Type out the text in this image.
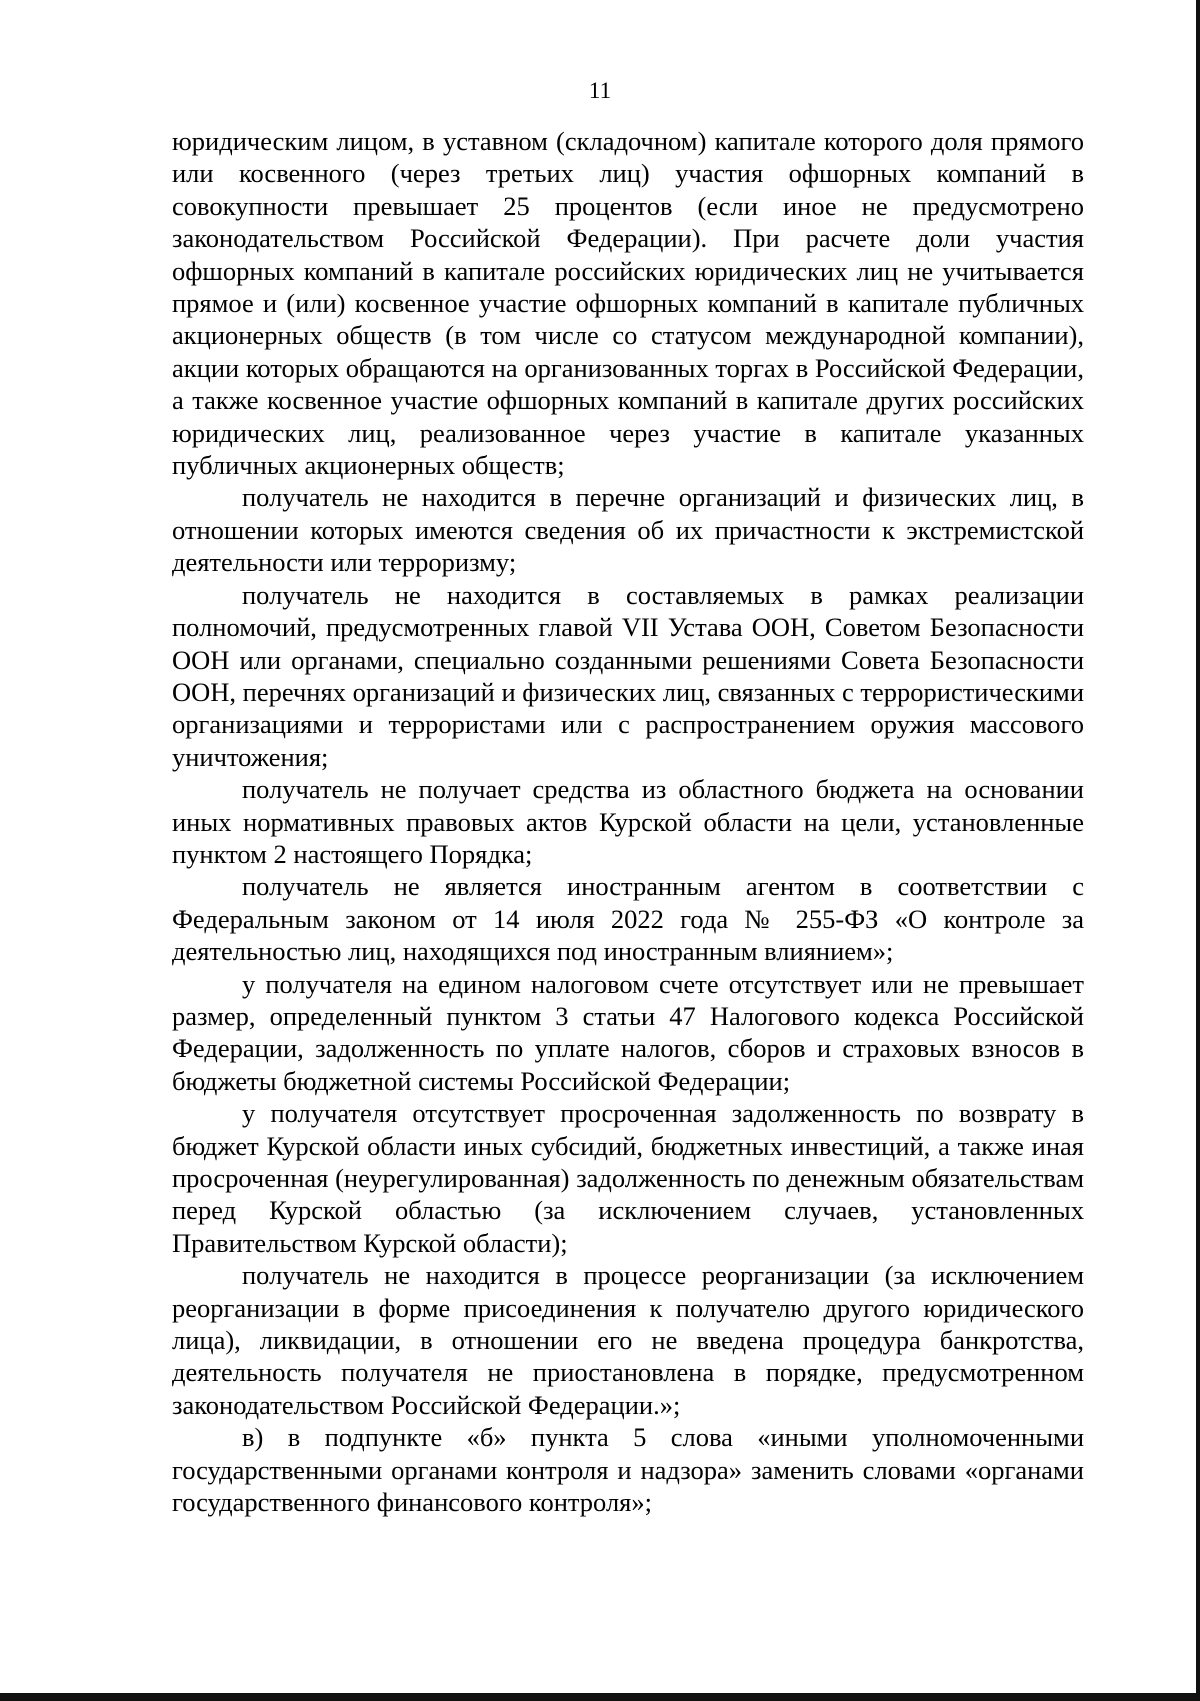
11

юридическим лицом, в уставном (складочном) капитале которого доля прямого или косвенного (через третьих лиц) участия офшорных компаний в совокупности превышает 25 процентов (если иное не предусмотрено законодательством Российской Федерации). При расчете доли участия офшорных компаний в капитале российских юридических лиц не учитывается прямое и (или) косвенное участие офшорных компаний в капитале публичных акционерных обществ (в том числе со статусом международной компании), акции которых обращаются на организованных торгах в Российской Федерации, а также косвенное участие офшорных компаний в капитале других российских юридических лиц, реализованное через участие в капитале указанных публичных акционерных обществ;

получатель не находится в перечне организаций и физических лиц, в отношении которых имеются сведения об их причастности к экстремистской деятельности или терроризму;

получатель не находится в составляемых в рамках реализации полномочий, предусмотренных главой VII Устава ООН, Советом Безопасности ООН или органами, специально созданными решениями Совета Безопасности ООН, перечнях организаций и физических лиц, связанных с террористическими организациями и террористами или с распространением оружия массового уничтожения;

получатель не получает средства из областного бюджета на основании иных нормативных правовых актов Курской области на цели, установленные пунктом 2 настоящего Порядка;

получатель не является иностранным агентом в соответствии с Федеральным законом от 14 июля 2022 года № 255-ФЗ «О контроле за деятельностью лиц, находящихся под иностранным влиянием»;

у получателя на едином налоговом счете отсутствует или не превышает размер, определенный пунктом 3 статьи 47 Налогового кодекса Российской Федерации, задолженность по уплате налогов, сборов и страховых взносов в бюджеты бюджетной системы Российской Федерации;

у получателя отсутствует просроченная задолженность по возврату в бюджет Курской области иных субсидий, бюджетных инвестиций, а также иная просроченная (неурегулированная) задолженность по денежным обязательствам перед Курской областью (за исключением случаев, установленных Правительством Курской области);

получатель не находится в процессе реорганизации (за исключением реорганизации в форме присоединения к получателю другого юридического лица), ликвидации, в отношении его не введена процедура банкротства, деятельность получателя не приостановлена в порядке, предусмотренном законодательством Российской Федерации.»;

в) в подпункте «б» пункта 5 слова «иными уполномоченными государственными органами контроля и надзора» заменить словами «органами государственного финансового контроля»;
